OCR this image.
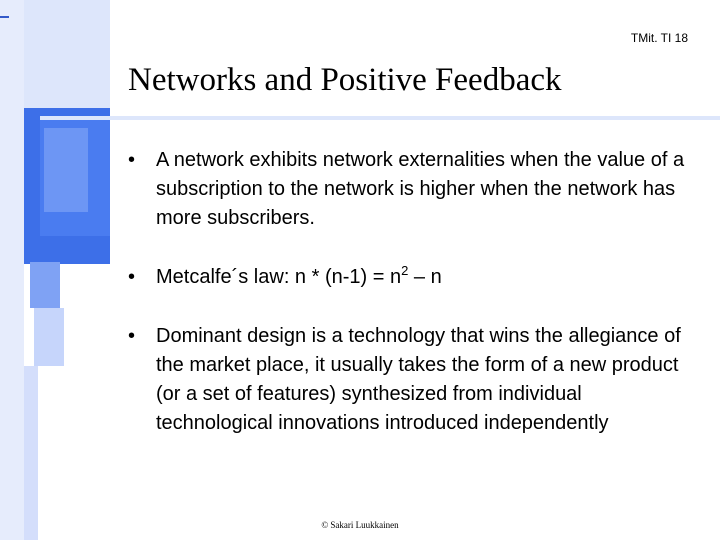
TMit. TI 18
Networks and Positive Feedback
• A network exhibits network externalities when the value of a subscription to the network is higher when the network has more subscribers.
• Metcalfe´s law: $n * (n-1) = n^2 - n$
• Dominant design is a technology that wins the allegiance of the market place, it usually takes the form of a new product (or a set of features) synthesized from individual technological innovations introduced independently
© Sakari Luukkainen
